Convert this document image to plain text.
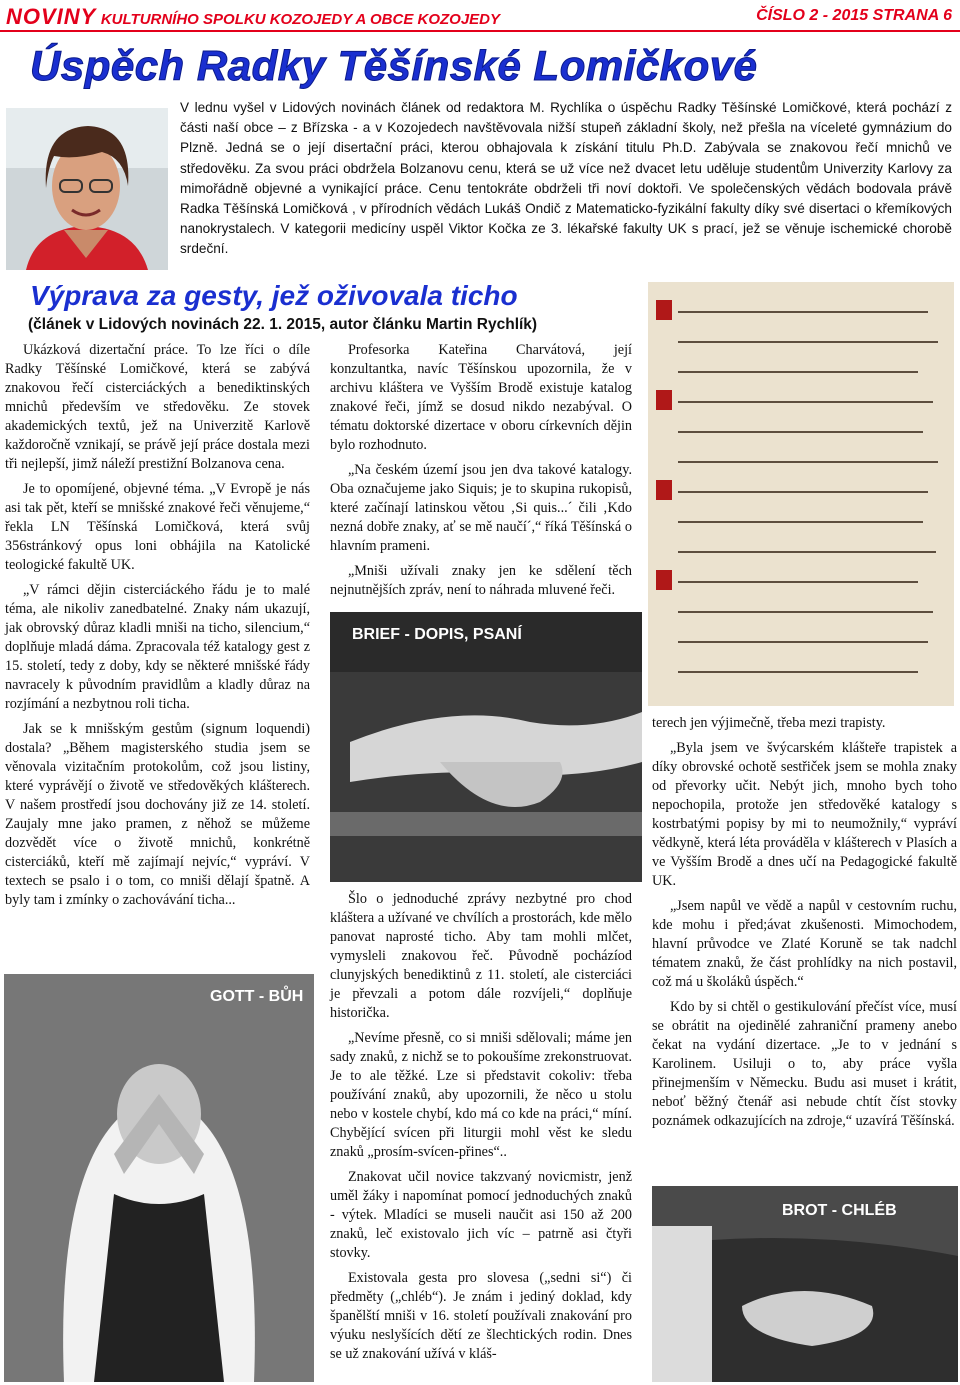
NOVINY KULTURNÍHO SPOLKU KOZOJEDY A OBCE KOZOJEDY	ČÍSLO 2 - 2015 STRANA 6
Úspěch Radky Těšínské Lomičkové
V lednu vyšel v Lidových novinách článek od redaktora M. Rychlíka o úspěchu Radky Těšínské Lomičkové, která pochází z části naší obce – z Břízska - a v Kozojedech navštěvovala nižší stupeň základní školy, než přešla na víceleté gymnázium do Plzně. Jedná se o její disertační práci, kterou obhajovala k získání titulu Ph.D. Zabývala se znakovou řečí mnichů ve středověku. Za svou práci obdržela Bolzanovu cenu, která se už více než dvacet letu uděluje studentům Univerzity Karlovy za mimořádně objevné a vynikající práce. Cenu tentokráte obdrželi tři noví doktoři. Ve společenských vědách bodovala právě Radka Těšínská Lomičková , v přírodních vědách Lukáš Ondič z Matematicko-fyzikální fakulty díky své disertaci o křemíkových nanokrystalech. V kategorii medicíny uspěl Viktor Kočka ze 3. lékařské fakulty UK s prací, jež se věnuje ischemické chorobě srdeční.
Výprava za gesty, jež oživovala ticho
(článek v Lidových novinách 22. 1. 2015, autor článku Martin Rychlík)

Ukázková dizertační práce. To lze říci o díle Radky Těšínské Lomičkové, která se zabývá znakovou řečí cisterciáckých a benediktinských mnichů především ve středověku. Ze stovek akademických textů, jež na Univerzitě Karlově každoročně vznikají, se právě její práce dostala mezi tři nejlepší, jimž náleží prestižní Bolzanova cena.

Je to opomíjené, objevné téma. „V Evropě je nás asi tak pět, kteří se mnišské znakové řeči věnujeme,“ řekla LN Těšínská Lomičková, která svůj 356stránkový opus loni obhájila na Katolické teologické fakultě UK.

„V rámci dějin cisterciáckého řádu je to malé téma, ale nikoliv zanedbatelné. Znaky nám ukazují, jak obrovský důraz kladli mniši na ticho, silencium,“ doplňuje mladá dáma. Zpracovala též katalogy gest z 15. století, tedy z doby, kdy se některé mnišské řády navracely k původním pravidlům a kladly důraz na rozjímání a nezbytnou roli ticha.

Jak se k mnišským gestům (signum loquendi) dostala? „Během magisterského studia jsem se věnovala vizitačním protokolům, což jsou listiny, které vyprávějí o životě ve středověkých klášterech. V našem prostředí jsou dochovány již ze 14. století. Zaujaly mne jako pramen, z něhož se můžeme dozvědět více o životě mnichů, konkrétně cisterciáků, kteří mě zajímají nejvíc,“ vypráví. V textech se psalo i o tom, co mniši dělají špatně. A byly tam i zmínky o zachovávání ticha...

GOTT - BŮH

Profesorka Kateřina Charvátová, její konzultantka, navíc Těšínskou upozornila, že v archivu kláštera ve Vyšším Brodě existuje katalog znakové řeči, jímž se dosud nikdo nezabýval. O tématu doktorské dizertace v oboru církevních dějin bylo rozhodnuto.

„Na českém území jsou jen dva takové katalogy. Oba označujeme jako Siquis; je to skupina rukopisů, které začínají latinskou větou ‚Si quis...´ čili ‚Kdo nezná dobře znaky, ať se mě naučí´,“ říká Těšínská o hlavním prameni.

„Mniši užívali znaky jen ke sdělení těch nejnutnějších zpráv, není to náhrada mluvené řeči.

BRIEF - DOPIS, PSANÍ

Šlo o jednoduché zprávy nezbytné pro chod kláštera a užívané ve chvílích a prostorách, kde mělo panovat naprosté ticho. Aby tam mohli mlčet, vymysleli znakovou řeč. Původně pocházíod clunyjských benediktinů z 11. století, ale cisterciáci je převzali a potom dále rozvíjeli,“ doplňuje historička.

„Nevíme přesně, co si mniši sdělovali; máme jen sady znaků, z nichž se to pokoušíme zrekonstruovat. Je to ale těžké. Lze si představit cokoliv: třeba používání znaků, aby upozornili, že něco u stolu nebo v kostele chybí, kdo má co kde na práci,“ míní. Chybějící svícen při liturgii mohl věst ke sledu znaků „prosím-svícen-přines“..

Znakovat učil novice takzvaný novicmistr, jenž uměl žáky i napomínat pomocí jednoduchých znaků - výtek. Mladíci se museli naučit asi 150 až 200 znaků, leč existovalo jich víc – patrně asi čtyři stovky.

Existovala gesta pro slovesa („sedni si“) či předměty („chléb“). Je znám i jediný doklad, kdy španělští mniši v 16. století používali znakování pro výuku neslyšících dětí ze šlechtických rodin. Dnes se už znakování užívá v kláš-

terech jen výjimečně, třeba mezi trapisty.

„Byla jsem ve švýcarském klášteře trapistek a díky obrovské ochotě sestřiček jsem se mohla znaky od převorky učit. Nebýt jich, mnoho bych toho nepochopila, protože jen středověké katalogy s kostrbatými popisy by mi to neumožnily,“ vypráví vědkyně, která léta prováděla v klášterech v Plasích a ve Vyšším Brodě a dnes učí na Pedagogické fakultě UK.

„Jsem napůl ve vědě a napůl v cestovním ruchu, kde mohu i před;ávat zkušenosti. Mimochodem, hlavní průvodce ve Zlaté Koruně se tak nadchl tématem znaků, že část prohlídky na nich postavil, což má u školáků úspěch.“

Kdo by si chtěl o gestikulování přečíst více, musí se obrátit na ojedinělé zahraniční prameny anebo čekat na vydání dizertace. „Je to v jednání s Karolinem. Usiluji o to, aby práce vyšla přinejmenším v Německu. Budu asi muset i krátit, neboť běžný čtenář asi nebude chtít číst stovky poznámek odkazujících na zdroje,“ uzavírá Těšínská.

BROT - CHLÉB
